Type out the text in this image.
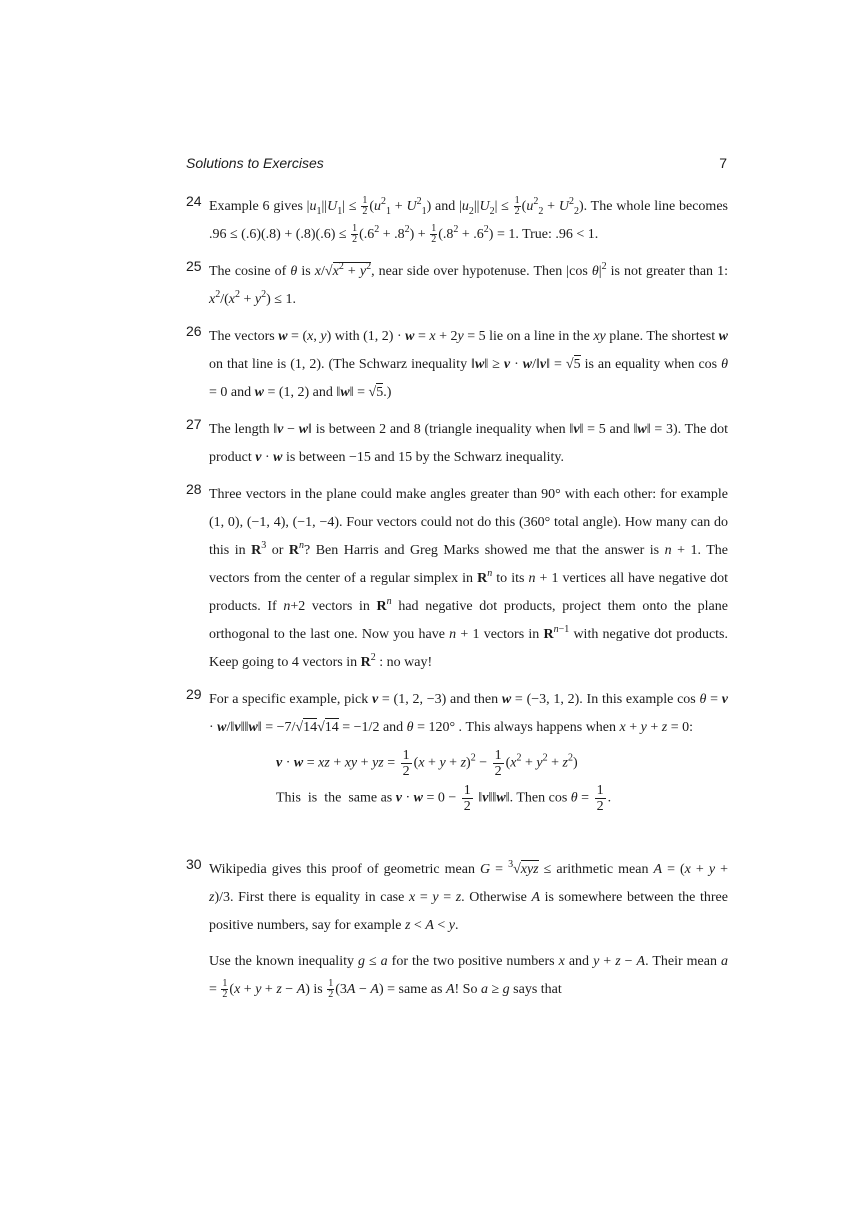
Solutions to Exercises	7
24 Example 6 gives $|u_1||U_1| \le \frac{1}{2} (u^2_1 + U^2_1)$ and $|u_2||U_2| \le \frac{1}{2} (u^2_2 + U^2_2)$. The whole line becomes $.96 \le (.6)(.8) + (.8)(.6) \le \frac{1}{2} (.6^2 + .8^2) + \frac{1}{2} (.8^2 + .6^2) = 1$. True: .96 < 1.

25 The cosine of θ is $x/√x^2 + y^2$, near side over hypotenuse. Then |cos $\theta|^2$ is not greater than 1: $x^2/(x^2 + y^2) \le 1$.

26 The vectors w = (x, y) with (1, 2) · w = x + 2y = 5 lie on a line in the xy plane. The shortest w on that line is (1, 2). (The Schwarz inequality ‖w‖ ≥ v · w/‖v‖ = √5 is an equality when cos θ = 0 and w = (1, 2) and ‖w‖ = √5.)

27 The length ‖v − w‖ is between 2 and 8 (triangle inequality when ‖v‖ = 5 and ‖w‖ = 3). The dot product v · w is between −15 and 15 by the Schwarz inequality.

28 Three vectors in the plane could make angles greater than 90° with each other: for example (1, 0), (−1, 4), (−1, −4). Four vectors could not do this (360° total angle). How many can do this in $R^3$ or $R^n$? Ben Harris and Greg Marks showed me that the answer is n + 1. The vectors from the center of a regular simplex in $R^n$ to its n + 1 vertices all have negative dot products. If n+2 vectors in $R^n$ had negative dot products, project them onto the plane orthogonal to the last one. Now you have n + 1 vectors in $R^{n-1}$ with negative dot products. Keep going to 4 vectors in $R^2$ : no way!

29 For a specific example, pick v = (1, 2, −3) and then w = (−3, 1, 2). In this example cos θ = v · w/‖v‖‖w‖ = −7/√14√14 = −1/2 and θ = 120° . This always happens when x + y + z = 0:

v · w = xz + xy + yz = $\frac{1}{2} (x + y + z)^2 - \frac{1}{2} (x^2 + y^2 + z^2)$
This  is  the  same as $v \cdot w = 0 - \frac{1}{2}$ ‖v‖‖w‖. Then $\cos \theta = \frac{1}{2}$ .
30 Wikipedia gives this proof of geometric mean G = $^3$√xyz ≤ arithmetic mean A = (x + y + z)/3. First there is equality in case x = y = z. Otherwise A is somewhere between the three positive numbers, say for example z < A < y.

Use the known inequality g ≤ a for the two positive numbers x and y + z − A. Their mean $a = \frac{1}{2} (x + y + z - A)$ is $\frac{1}{2} (3A - A)$ = same as A! So a ≥ g says that
